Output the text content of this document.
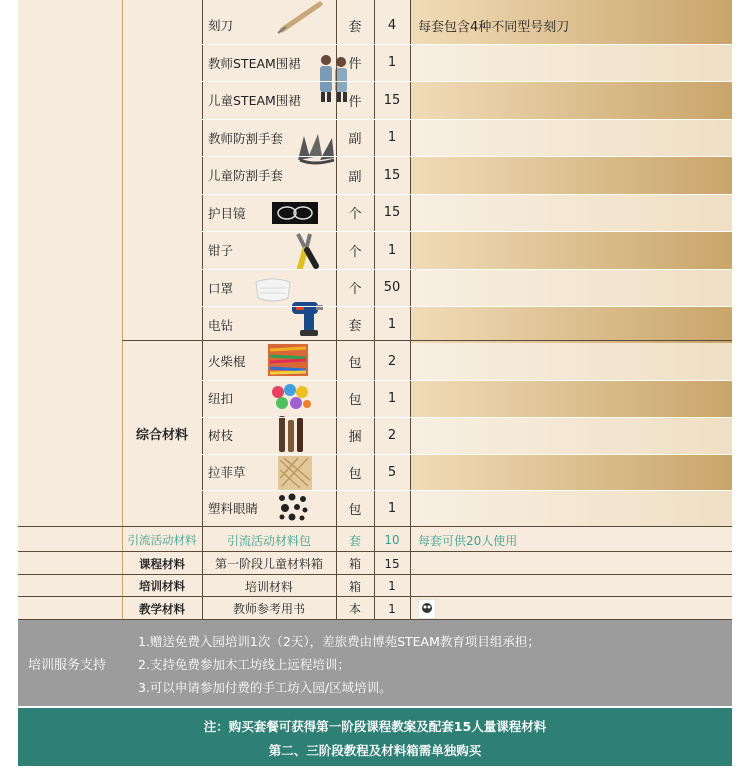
刻刀	套	4	每套包含4种不同型号刻刀
教师STEAM围裙	件	1
儿童STEAM围裙	件	15
教师防割手套	副	1
儿童防割手套	副	15
护目镜	个	15
钳子	个	1
口罩	个	50
电钻	套	1
综合材料
火柴棍	包	2
纽扣	包	1
树枝	捆	2
拉菲草	包	5
塑料眼睛	包	1
引流活动材料	引流活动材料包	套	10	每套可供20人使用
课程材料	第一阶段儿童材料箱	箱	15
培训材料	培训材料	箱	1
教学材料	教师参考用书	本	1
培训服务支持
1.赠送免费入园培训1次（2天），差旅费由博苑STEAM教育项目组承担；
2.支持免费参加木工坊线上远程培训；
3.可以申请参加付费的手工坊入园/区域培训。
注：购买套餐可获得第一阶段课程教案及配套15人量课程材料
第二、三阶段教程及材料箱需单独购买
